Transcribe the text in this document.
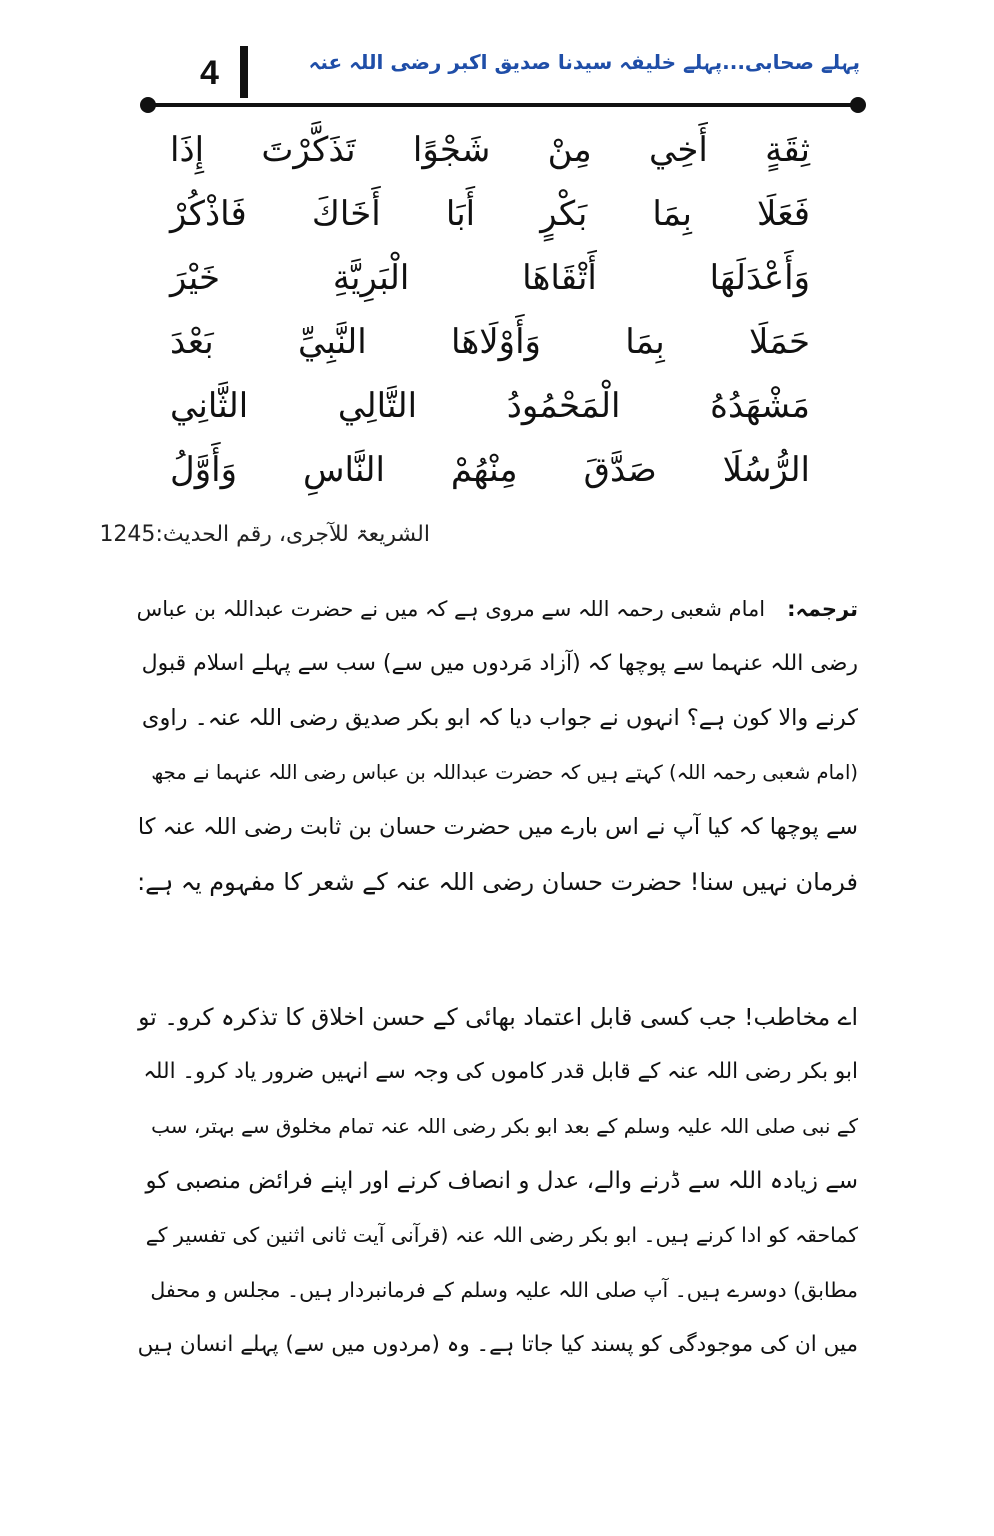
پہلے صحابی...پہلے خلیفہ سیدنا صدیق اکبر رضی اللہ عنہ
4
إِذَا تَذَكَّرْتَ شَجْوًا مِنْ أَخِي ثِقَةٍ
فَاذْكُرْ أَخَاكَ أَبَا بَكْرٍ بِمَا فَعَلَا
خَيْرَ	الْبَرِيَّةِ	أَتْقَاهَا	وَأَعْدَلَهَا
بَعْدَ النَّبِيِّ وَأَوْلَاهَا بِمَا حَمَلَا
الثَّانِي	التَّالِي	الْمَحْمُودُ	مَشْهَدُهُ
وَأَوَّلُ النَّاسِ مِنْهُمْ صَدَّقَ الرُّسُلَا
الشریعۃ للآجری، رقم الحدیث:1245
ترجمہ:
امام شعبی رحمہ اللہ سے مروی ہے کہ میں نے حضرت عبداللہ بن عباس
رضی اللہ عنہما سے پوچھا کہ (آزاد مَردوں میں سے) سب سے پہلے اسلام قبول
کرنے والا کون ہے؟ انہوں نے جواب دیا کہ ابو بکر صدیق رضی اللہ عنہ۔ راوی
(امام شعبی رحمہ اللہ) کہتے ہیں کہ حضرت عبداللہ بن عباس رضی اللہ عنہما نے مجھ
سے پوچھا کہ کیا آپ نے اس بارے میں حضرت حسان بن ثابت رضی اللہ عنہ کا
فرمان نہیں سنا! حضرت حسان رضی اللہ عنہ کے شعر کا مفہوم یہ ہے:
اے مخاطب! جب کسی قابل اعتماد بھائی کے حسن اخلاق کا تذکرہ کرو۔ تو
ابو بکر رضی اللہ عنہ کے قابل قدر کاموں کی وجہ سے انہیں ضرور یاد کرو۔ اللہ
کے نبی صلی اللہ علیہ وسلم کے بعد ابو بکر رضی اللہ عنہ تمام مخلوق سے بہتر، سب
سے زیادہ اللہ سے ڈرنے والے، عدل و انصاف کرنے اور اپنے فرائض منصبی کو
کماحقہ کو ادا کرنے ہیں۔ ابو بکر رضی اللہ عنہ (قرآنی آیت ثانی اثنین کی تفسیر کے
مطابق) دوسرے ہیں۔ آپ صلی اللہ علیہ وسلم کے فرمانبردار ہیں۔ مجلس و محفل
میں ان کی موجودگی کو پسند کیا جاتا ہے۔ وہ (مردوں میں سے) پہلے انسان ہیں
